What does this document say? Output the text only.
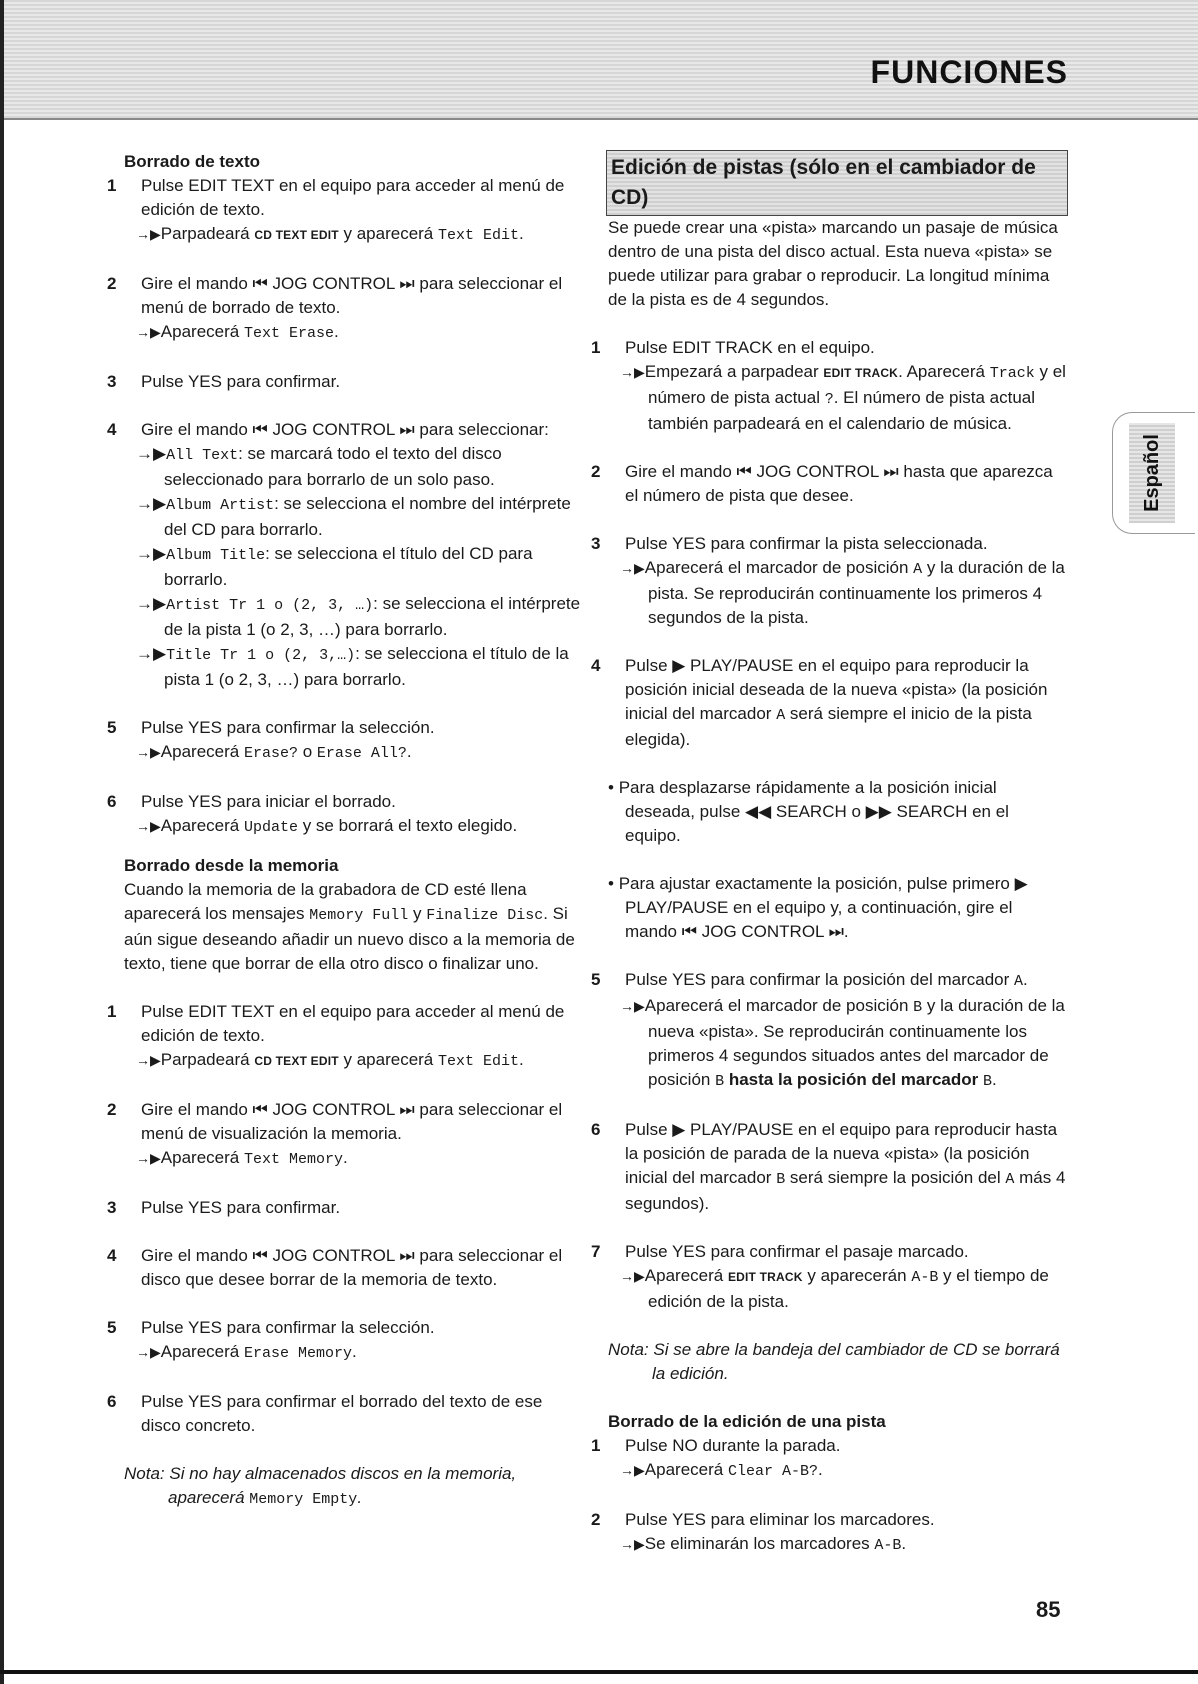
FUNCIONES
Borrado de texto
1 Pulse EDIT TEXT en el equipo para acceder al menú de edición de texto.
→▶Parpadeará CD TEXT EDIT y aparecerá Text Edit.
2 Gire el mando ⏮ JOG CONTROL ⏭ para seleccionar el menú de borrado de texto.
→▶Aparecerá Text Erase.
3 Pulse YES para confirmar.
4 Gire el mando ⏮ JOG CONTROL ⏭ para seleccionar:
→▶All Text: se marcará todo el texto del disco seleccionado para borrarlo de un solo paso.
→▶Album Artist: se selecciona el nombre del intérprete del CD para borrarlo.
→▶Album Title: se selecciona el título del CD para borrarlo.
→▶Artist Tr 1 o (2, 3, …): se selecciona el intérprete de la pista 1 (o 2, 3, …) para borrarlo.
→▶Title Tr 1 o (2, 3,…): se selecciona el título de la pista 1 (o 2, 3, …) para borrarlo.
5 Pulse YES para confirmar la selección.
→▶Aparecerá Erase? o Erase All?.
6 Pulse YES para iniciar el borrado.
→▶Aparecerá Update y se borrará el texto elegido.
Borrado desde la memoria

Cuando la memoria de la grabadora de CD esté llena aparecerá los mensajes Memory Full y Finalize Disc. Si aún sigue deseando añadir un nuevo disco a la memoria de texto, tiene que borrar de ella otro disco o finalizar uno.

1 Pulse EDIT TEXT en el equipo para acceder al menú de edición de texto.
→▶Parpadeará CD TEXT EDIT y aparecerá Text Edit.
2 Gire el mando ⏮ JOG CONTROL ⏭ para seleccionar el menú de visualización la memoria.
→▶Aparecerá Text Memory.
3 Pulse YES para confirmar.
4 Gire el mando ⏮ JOG CONTROL ⏭ para seleccionar el disco que desee borrar de la memoria de texto.
5 Pulse YES para confirmar la selección.
→▶Aparecerá Erase Memory.
6 Pulse YES para confirmar el borrado del texto de ese disco concreto.

Nota: Si no hay almacenados discos en la memoria, aparecerá Memory Empty.

Edición de pistas (sólo en el cambiador de CD)

Se puede crear una «pista» marcando un pasaje de música dentro de una pista del disco actual. Esta nueva «pista» se puede utilizar para grabar o reproducir. La longitud mínima de la pista es de 4 segundos.

1 Pulse EDIT TRACK en el equipo.
→▶Empezará a parpadear EDIT TRACK. Aparecerá Track y el número de pista actual ?. El número de pista actual también parpadeará en el calendario de música.
2 Gire el mando ⏮ JOG CONTROL ⏭ hasta que aparezca el número de pista que desee.
3 Pulse YES para confirmar la pista seleccionada.
→▶Aparecerá el marcador de posición A y la duración de la pista. Se reproducirán continuamente los primeros 4 segundos de la pista.
4 Pulse ▶ PLAY/PAUSE en el equipo para reproducir la posición inicial deseada de la nueva «pista» (la posición inicial del marcador A será siempre el inicio de la pista elegida).
• Para desplazarse rápidamente a la posición inicial deseada, pulse ◀◀ SEARCH o ▶▶ SEARCH en el equipo.
• Para ajustar exactamente la posición, pulse primero ▶ PLAY/PAUSE en el equipo y, a continuación, gire el mando ⏮ JOG CONTROL ⏭.
5 Pulse YES para confirmar la posición del marcador A.
→▶Aparecerá el marcador de posición B y la duración de la nueva «pista». Se reproducirán continuamente los primeros 4 segundos situados antes del marcador de posición B hasta la posición del marcador B.
6 Pulse ▶ PLAY/PAUSE en el equipo para reproducir hasta la posición de parada de la nueva «pista» (la posición inicial del marcador B será siempre la posición del A más 4 segundos).
7 Pulse YES para confirmar el pasaje marcado.
→▶Aparecerá EDIT TRACK y aparecerán A-B y el tiempo de edición de la pista.

Nota: Si se abre la bandeja del cambiador de CD se borrará la edición.

Borrado de la edición de una pista
1 Pulse NO durante la parada.
→▶Aparecerá Clear A-B?.
2 Pulse YES para eliminar los marcadores.
→▶Se eliminarán los marcadores A-B.
Español
85
